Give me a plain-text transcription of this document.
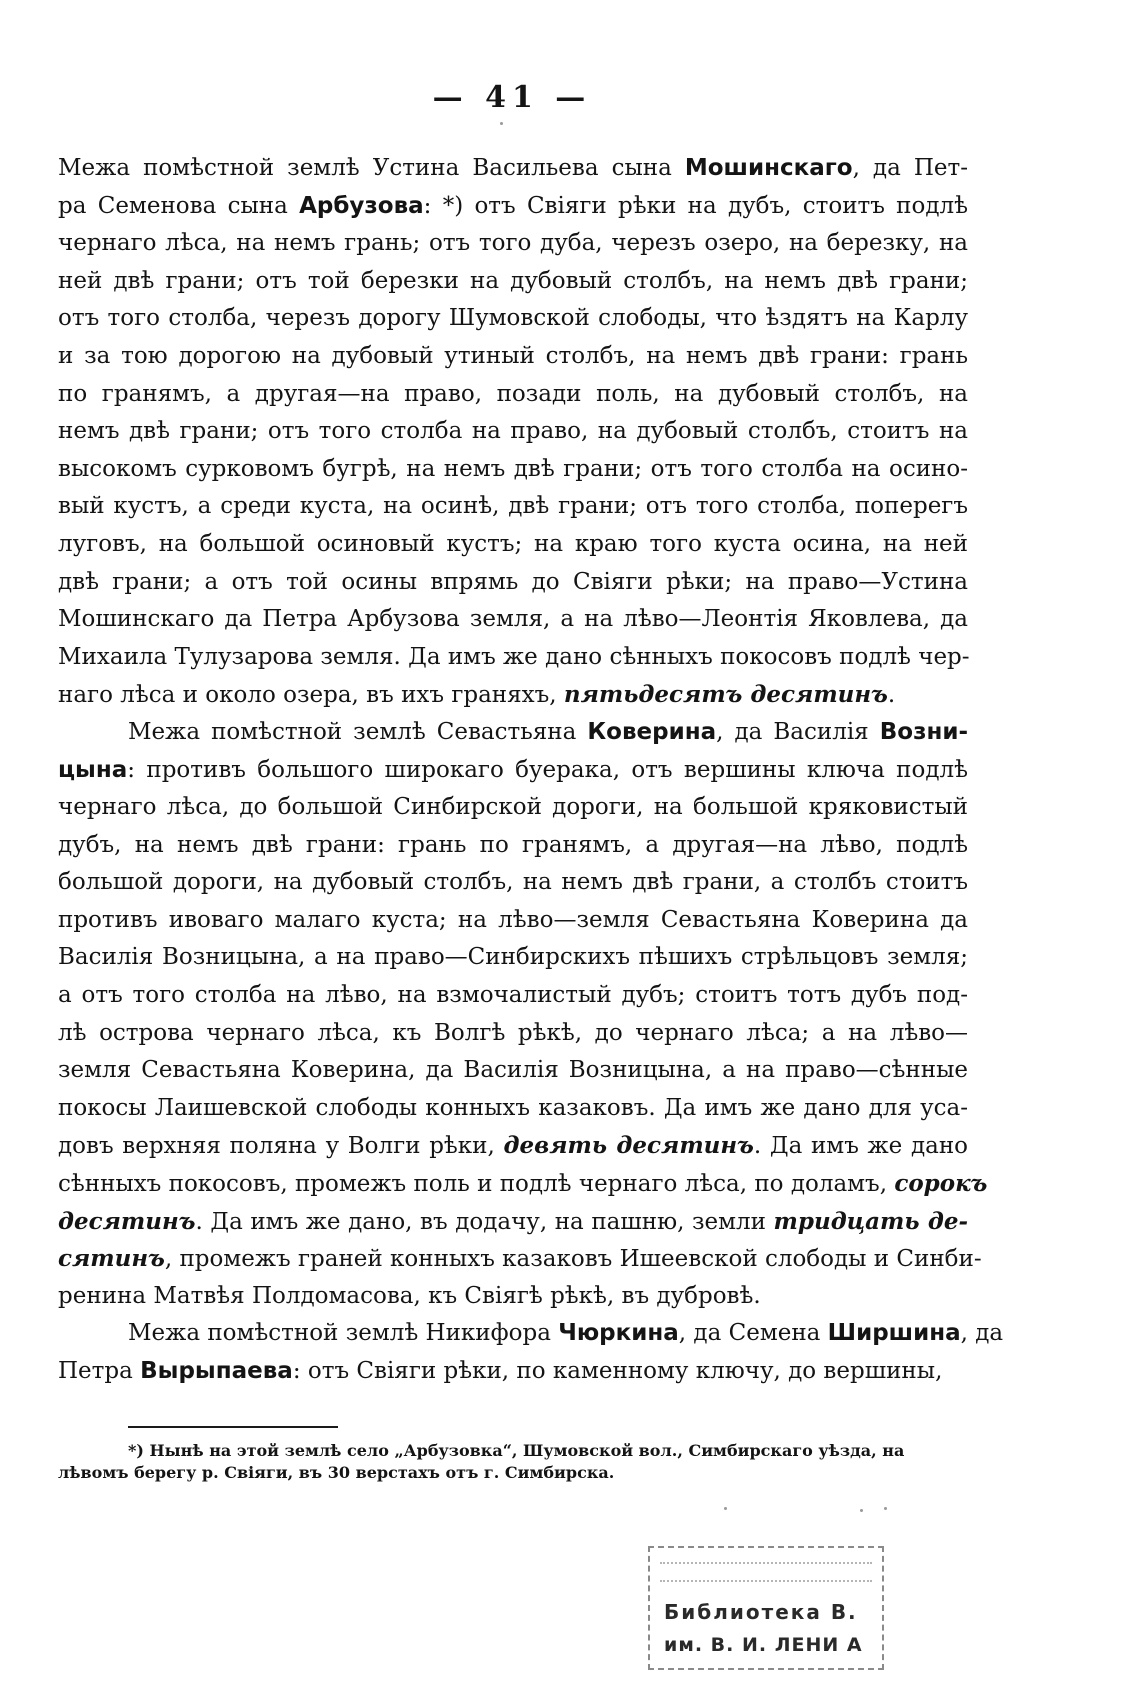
— 41 —
Межа помѣстной землѣ Устина Васильева сына Мошинскаго, да Пет-
ра Семенова сына Арбузова: *) отъ Свіяги рѣки на дубъ, стоитъ подлѣ
чернаго лѣса, на немъ грань; отъ того дуба, черезъ озеро, на березку, на
ней двѣ грани; отъ той березки на дубовый столбъ, на немъ двѣ грани;
отъ того столба, черезъ дорогу Шумовской слободы, что ѣздятъ на Карлу
и за тою дорогою на дубовый утиный столбъ, на немъ двѣ грани: грань
по гранямъ, а другая—на право, позади поль, на дубовый столбъ, на
немъ двѣ грани; отъ того столба на право, на дубовый столбъ, стоитъ на
высокомъ сурковомъ бугрѣ, на немъ двѣ грани; отъ того столба на осино-
вый кустъ, а среди куста, на осинѣ, двѣ грани; отъ того столба, поперегъ
луговъ, на большой осиновый кустъ; на краю того куста осина, на ней
двѣ грани; а отъ той осины впрямь до Свіяги рѣки; на право—Устина
Мошинскаго да Петра Арбузова земля, а на лѣво—Леонтія Яковлева, да
Михаила Тулузарова земля. Да имъ же дано сѣнныхъ покосовъ подлѣ чер-
наго лѣса и около озера, въ ихъ граняхъ, пятьдесятъ десятинъ.
Межа помѣстной землѣ Севастьяна Коверина, да Василія Возни-
цына: противъ большого широкаго буерака, отъ вершины ключа подлѣ
чернаго лѣса, до большой Синбирской дороги, на большой кряковистый
дубъ, на немъ двѣ грани: грань по гранямъ, а другая—на лѣво, подлѣ
большой дороги, на дубовый столбъ, на немъ двѣ грани, а столбъ стоитъ
противъ ивоваго малаго куста; на лѣво—земля Севастьяна Коверина да
Василія Возницына, а на право—Синбирскихъ пѣшихъ стрѣльцовъ земля;
а отъ того столба на лѣво, на взмочалистый дубъ; стоитъ тотъ дубъ под-
лѣ острова чернаго лѣса, къ Волгѣ рѣкѣ, до чернаго лѣса; а на лѣво—
земля Севастьяна Коверина, да Василія Возницына, а на право—сѣнные
покосы Лаишевской слободы конныхъ казаковъ. Да имъ же дано для уса-
довъ верхняя поляна у Волги рѣки, девять десятинъ. Да имъ же дано
сѣнныхъ покосовъ, промежъ поль и подлѣ чернаго лѣса, по доламъ, сорокъ
десятинъ. Да имъ же дано, въ додачу, на пашню, земли тридцать де-
сятинъ, промежъ граней конныхъ казаковъ Ишеевской слободы и Синби-
ренина Матвѣя Полдомасова, къ Свіягѣ рѣкѣ, въ дубровѣ.
Межа помѣстной землѣ Никифора Чюркина, да Семена Ширшина, да
Петра Вырыпаева: отъ Свіяги рѣки, по каменному ключу, до вершины,
*) Нынѣ на этой землѣ село „Арбузовка“, Шумовской вол., Симбирскаго уѣзда, на
лѣвомъ берегу р. Свіяги, въ 30 верстахъ отъ г. Симбирска.
Библиотека В.
им. В. И. ЛЕНИ А
